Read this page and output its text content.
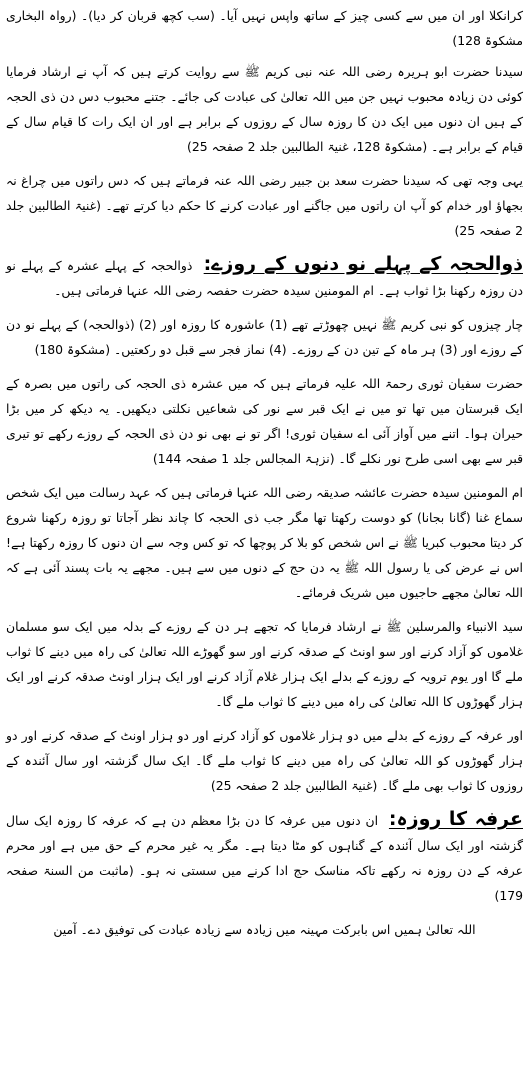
کرانکلا اور ان میں سے کسی چیز کے ساتھ واپس نہیں آیا۔ (سب کچھ قربان کر دیا)۔ (رواہ البخاری مشکوۃ 128)

سیدنا حضرت ابو ہریرہ رضی اللہ عنہ نبی کریم ﷺ سے روایت کرتے ہیں کہ آپ نے ارشاد فرمایا کوئی دن زیادہ محبوب نہیں جن میں اللہ تعالیٰ کی عبادت کی جائے۔ جتنے محبوب دس دن ذی الحجہ کے ہیں ان دنوں میں ایک دن کا روزہ سال کے روزوں کے برابر ہے اور ان ایک رات کا قیام سال کے قیام کے برابر ہے۔ (مشکوۃ 128، غنیۃ الطالبین جلد 2 صفحہ 25)

یہی وجہ تھی کہ سیدنا حضرت سعد بن جبیر رضی اللہ عنہ فرماتے ہیں کہ دس راتوں میں چراغ نہ بجھاؤ اور خدام کو آپ ان راتوں میں جاگنے اور عبادت کرنے کا حکم دیا کرتے تھے۔ (غنیۃ الطالبین جلد 2 صفحہ 25)

ذوالحجہ کے پہلے نو دنوں کے روزے: ذوالحجہ کے پہلے عشرہ کے پہلے نو دن روزہ رکھنا بڑا ثواب ہے۔ ام المومنین سیدہ حضرت حفصہ رضی اللہ عنہا فرماتی ہیں۔

چار چیزوں کو نبی کریم ﷺ نہیں چھوڑتے تھے (1) عاشورہ کا روزہ اور (2) (ذوالحجہ) کے پہلے نو دن کے روزے اور (3) ہر ماہ کے تین دن کے روزے۔ (4) نماز فجر سے قبل دو رکعتیں۔ (مشکوۃ 180)

حضرت سفیان ثوری رحمۃ اللہ علیہ فرماتے ہیں کہ میں عشرہ ذی الحجہ کی راتوں میں بصرہ کے ایک قبرستان میں تھا تو میں نے ایک قبر سے نور کی شعاعیں نکلتی دیکھیں۔ یہ دیکھ کر میں بڑا حیران ہوا۔ اتنے میں آواز آئی اے سفیان ثوری! اگر تو نے بھی نو دن ذی الحجہ کے روزے رکھے تو تیری قبر سے بھی اسی طرح نور نکلے گا۔ (نزہۃ المجالس جلد 1 صفحہ 144)

ام المومنین سیدہ حضرت عائشہ صدیقہ رضی اللہ عنہا فرماتی ہیں کہ عہد رسالت میں ایک شخص سماع غنا (گانا بجانا) کو دوست رکھتا تھا مگر جب ذی الحجہ کا چاند نظر آجاتا تو روزہ رکھنا شروع کر دیتا محبوب کبریا ﷺ نے اس شخص کو بلا کر پوچھا کہ تو کس وجہ سے ان دنوں کا روزہ رکھتا ہے! اس نے عرض کی یا رسول اللہ ﷺ یہ دن حج کے دنوں میں سے ہیں۔ مجھے یہ بات پسند آئی ہے کہ اللہ تعالیٰ مجھے حاجیوں میں شریک فرمائے۔

سید الانبیاء والمرسلین ﷺ نے ارشاد فرمایا کہ تجھے ہر دن کے روزے کے بدلہ میں ایک سو مسلمان غلاموں کو آزاد کرنے اور سو اونٹ کے صدقہ کرنے اور سو گھوڑے اللہ تعالیٰ کی راہ میں دینے کا ثواب ملے گا اور یوم ترویہ کے روزے کے بدلے ایک ہزار غلام آزاد کرنے اور ایک ہزار اونٹ صدقہ کرنے اور ایک ہزار گھوڑوں کا اللہ تعالیٰ کی راہ میں دینے کا ثواب ملے گا۔

اور عرفہ کے روزے کے بدلے میں دو ہزار غلاموں کو آزاد کرنے اور دو ہزار اونٹ کے صدقہ کرنے اور دو ہزار گھوڑوں کو اللہ تعالیٰ کی راہ میں دینے کا ثواب ملے گا۔ ایک سال گزشتہ اور سال آئندہ کے روزوں کا ثواب بھی ملے گا۔ (غنیۃ الطالبین جلد 2 صفحہ 25)

عرفہ کا روزہ: ان دنوں میں عرفہ کا دن بڑا معظم دن ہے کہ عرفہ کا روزہ ایک سال گزشتہ اور ایک سال آئندہ کے گناہوں کو مٹا دیتا ہے۔ مگر یہ غیر محرم کے حق میں ہے اور محرم عرفہ کے دن روزہ نہ رکھے تاکہ مناسک حج ادا کرنے میں سستی نہ ہو۔ (ماثبت من السنۃ صفحہ 179)

اللہ تعالیٰ ہمیں اس بابرکت مہینہ میں زیادہ سے زیادہ عبادت کی توفیق دے۔ آمین
